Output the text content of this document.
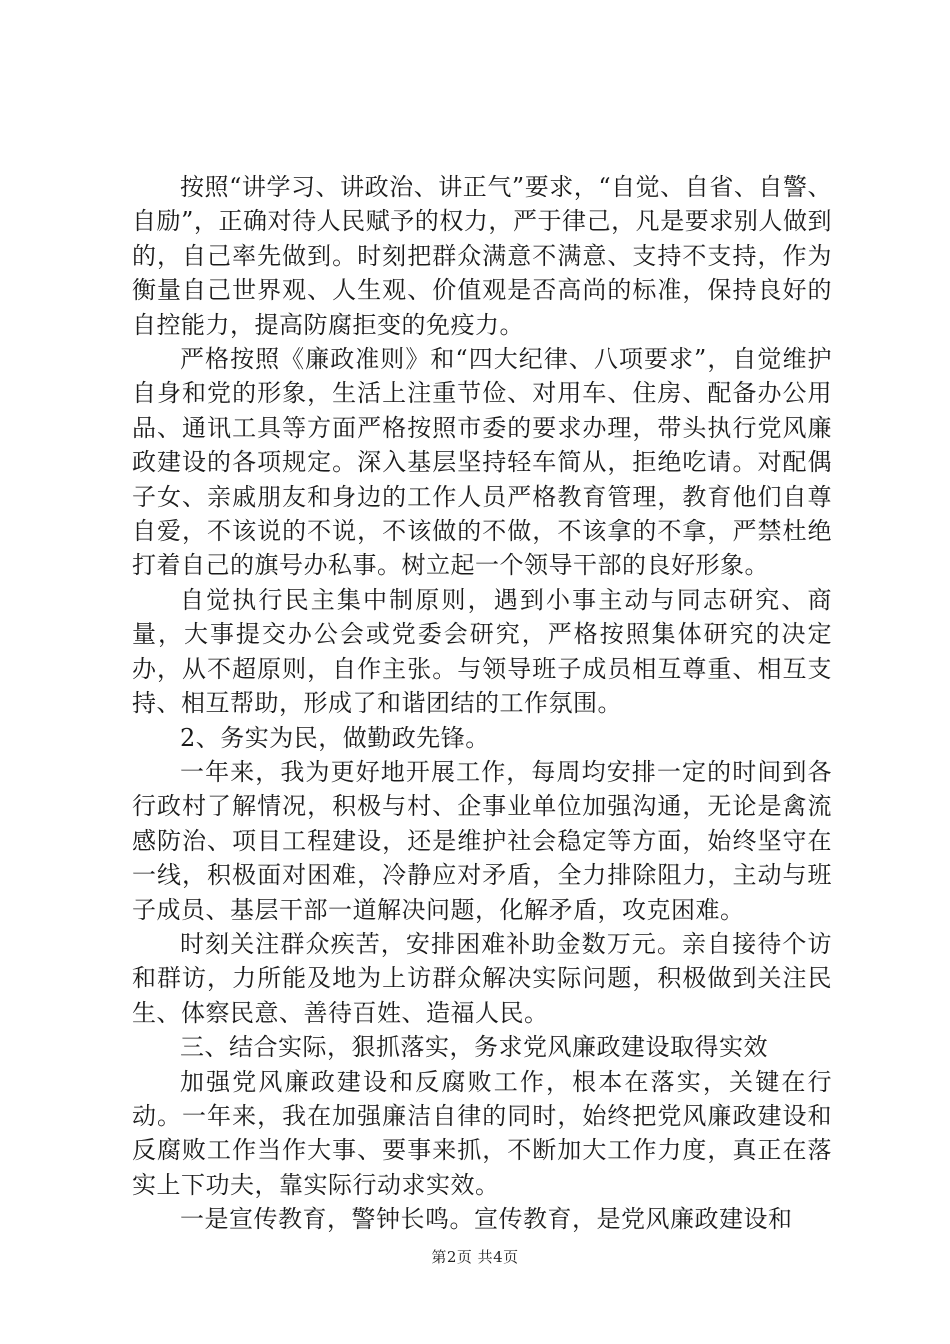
按照“讲学习、讲政治、讲正气”要求，“自觉、自省、自警、自励”，正确对待人民赋予的权力，严于律己，凡是要求别人做到的，自己率先做到。时刻把群众满意不满意、支持不支持，作为衡量自己世界观、人生观、价值观是否高尚的标准，保持良好的自控能力，提高防腐拒变的免疫力。

严格按照《廉政准则》和“四大纪律、八项要求”，自觉维护自身和党的形象，生活上注重节俭、对用车、住房、配备办公用品、通讯工具等方面严格按照市委的要求办理，带头执行党风廉政建设的各项规定。深入基层坚持轻车简从，拒绝吃请。对配偶子女、亲戚朋友和身边的工作人员严格教育管理，教育他们自尊自爱，不该说的不说，不该做的不做，不该拿的不拿，严禁杜绝打着自己的旗号办私事。树立起一个领导干部的良好形象。

自觉执行民主集中制原则，遇到小事主动与同志研究、商量，大事提交办公会或党委会研究，严格按照集体研究的决定办，从不超原则，自作主张。与领导班子成员相互尊重、相互支持、相互帮助，形成了和谐团结的工作氛围。

2、务实为民，做勤政先锋。

一年来，我为更好地开展工作，每周均安排一定的时间到各行政村了解情况，积极与村、企事业单位加强沟通，无论是禽流感防治、项目工程建设，还是维护社会稳定等方面，始终坚守在一线，积极面对困难，冷静应对矛盾，全力排除阻力，主动与班子成员、基层干部一道解决问题，化解矛盾，攻克困难。

时刻关注群众疾苦，安排困难补助金数万元。亲自接待个访和群访，力所能及地为上访群众解决实际问题，积极做到关注民生、体察民意、善待百姓、造福人民。

三、结合实际，狠抓落实，务求党风廉政建设取得实效

加强党风廉政建设和反腐败工作，根本在落实，关键在行动。一年来，我在加强廉洁自律的同时，始终把党风廉政建设和反腐败工作当作大事、要事来抓，不断加大工作力度，真正在落实上下功夫，靠实际行动求实效。

一是宣传教育，警钟长鸣。宣传教育，是党风廉政建设和

第2页 共4页
